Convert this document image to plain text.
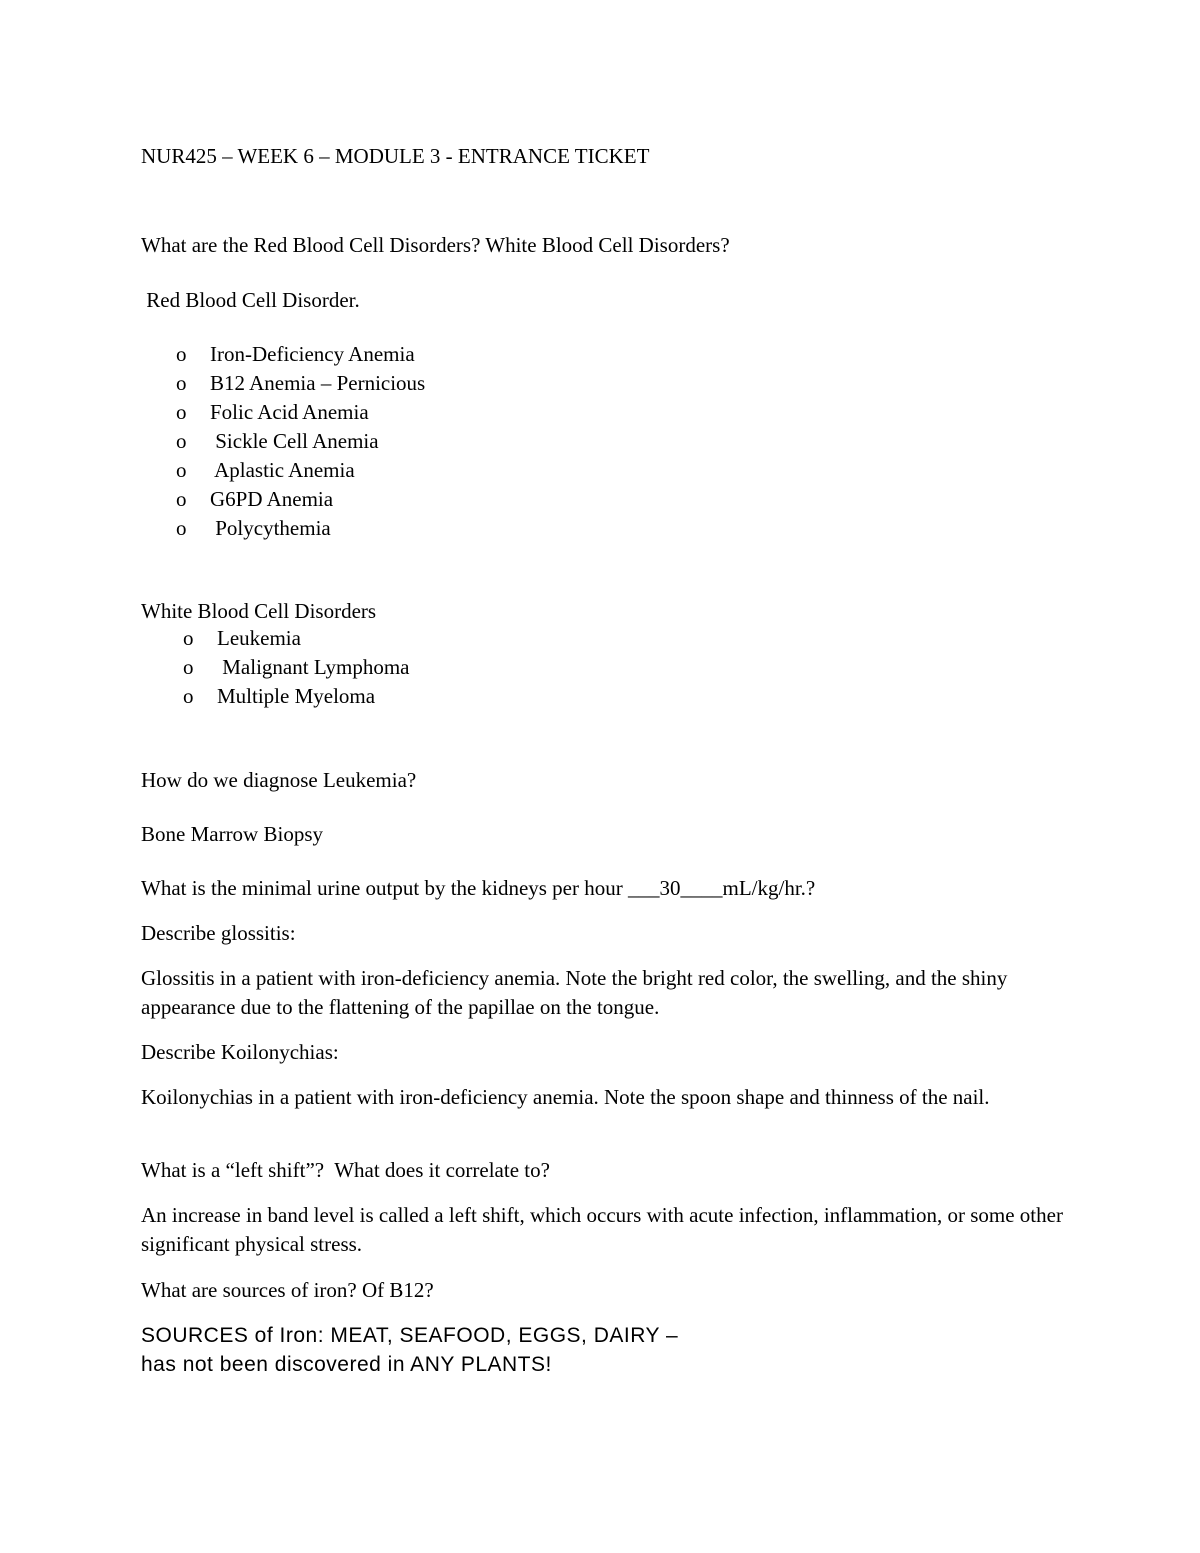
NUR425 – WEEK 6 – MODULE 3 - ENTRANCE TICKET

What are the Red Blood Cell Disorders? White Blood Cell Disorders?

Red Blood Cell Disorder.

o

Iron-Deficiency Anemia

o

B12 Anemia – Pernicious

o

Folic Acid Anemia

o

Sickle Cell Anemia

o

Aplastic Anemia

o

G6PD Anemia

o

Polycythemia

White Blood Cell Disorders

o

Leukemia

o

Malignant Lymphoma

o

Multiple Myeloma

How do we diagnose Leukemia?

Bone Marrow Biopsy

What is the minimal urine output by the kidneys per hour ___30____mL/kg/hr.?

Describe glossitis:

Glossitis in a patient with iron-deficiency anemia. Note the bright red color, the swelling, and the shiny appearance due to the flattening of the papillae on the tongue.

Describe Koilonychias:

Koilonychias in a patient with iron-deficiency anemia. Note the spoon shape and thinness of the nail.

What is a “left shift”?  What does it correlate to?

An increase in band level is called a left shift, which occurs with acute infection, inflammation, or some other significant physical stress.

What are sources of iron? Of B12?

SOURCES of Iron: MEAT, SEAFOOD, EGGS, DAIRY –

has not been discovered in ANY PLANTS!
